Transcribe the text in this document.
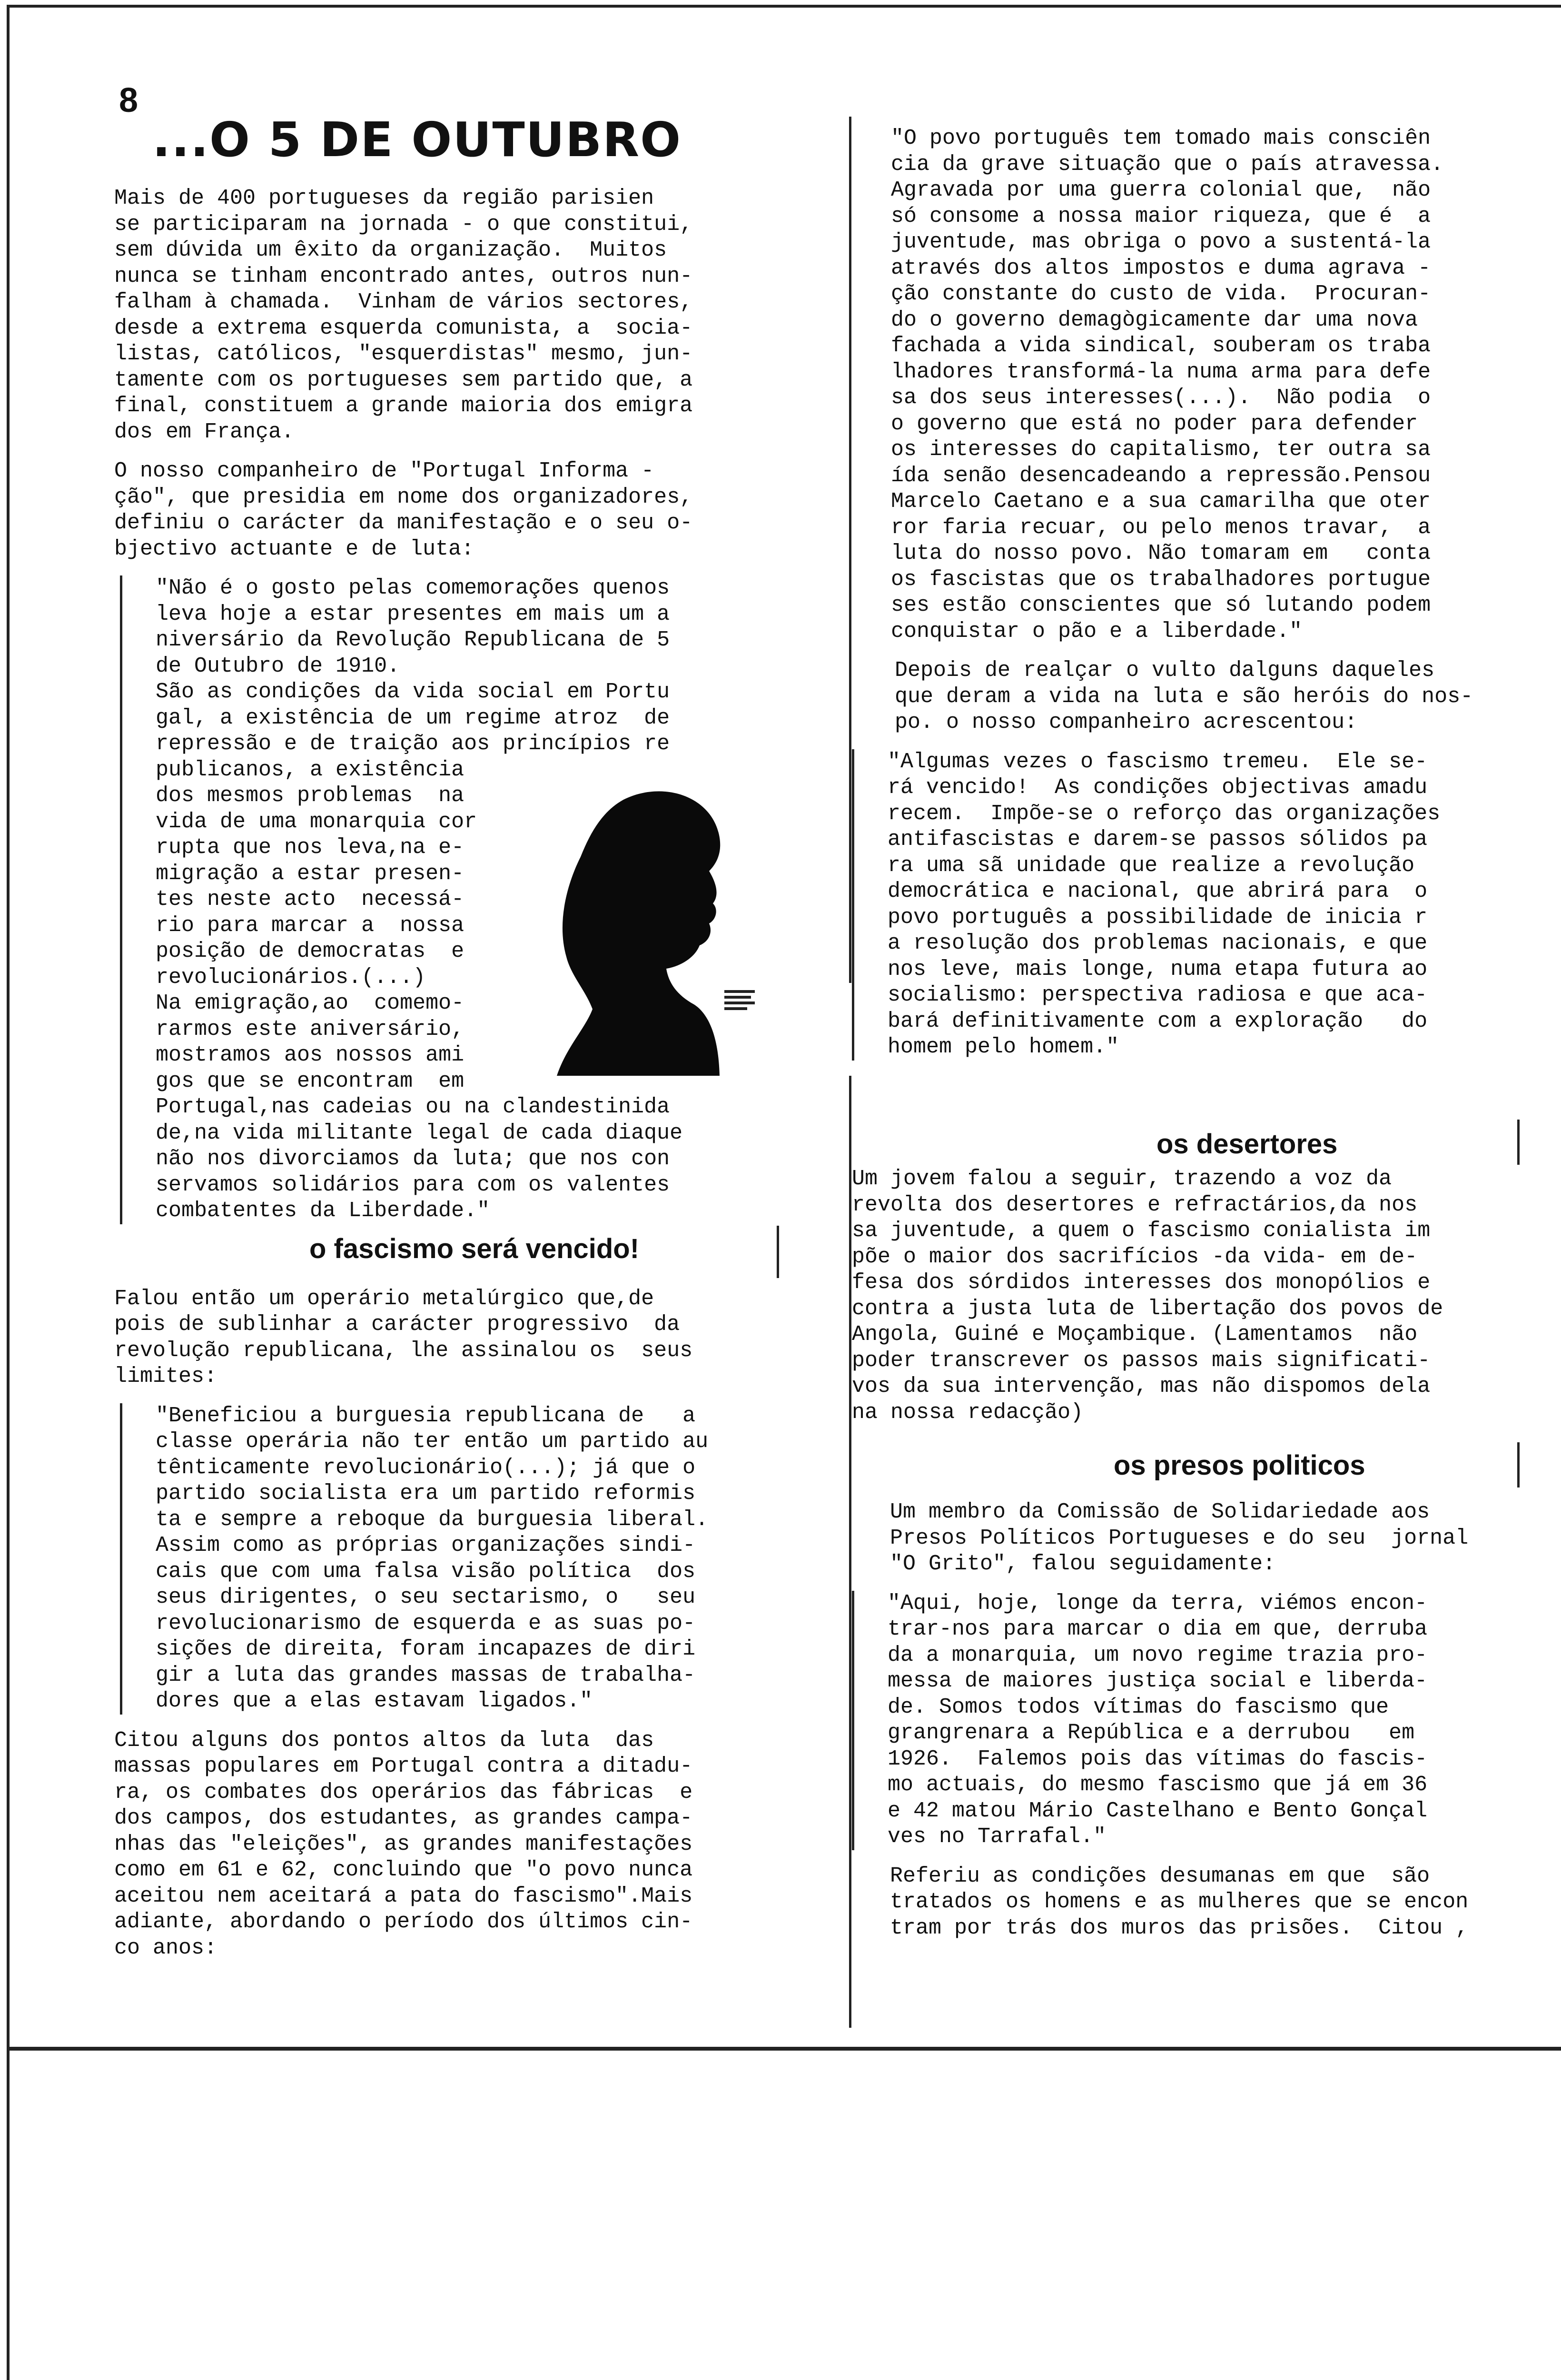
8
...O 5 DE OUTUBRO

Mais de 400 portugueses da região parisien

se participaram na jornada - o que constitui,

sem dúvida um êxito da organização.  Muitos

nunca se tinham encontrado antes, outros nun-

falham à chamada.  Vinham de vários sectores,

desde a extrema esquerda comunista, a  socia-

listas, católicos, "esquerdistas" mesmo, jun-

tamente com os portugueses sem partido que, a

final, constituem a grande maioria dos emigra

dos em França.

O nosso companheiro de "Portugal Informa -

ção", que presidia em nome dos organizadores,

definiu o carácter da manifestação e o seu o-

bjectivo actuante e de luta:

"Não é o gosto pelas comemorações quenos

leva hoje a estar presentes em mais um a

niversário da Revolução Republicana de 5

de Outubro de 1910.

São as condições da vida social em Portu

gal, a existência de um regime atroz  de

repressão e de traição aos princípios re

publicanos, a existência

dos mesmos problemas  na

vida de uma monarquia cor

rupta que nos leva,na e-

migração a estar presen-

tes neste acto  necessá-

rio para marcar a  nossa

posição de democratas  e

revolucionários.(...)

Na emigração,ao  comemo-

rarmos este aniversário,

mostramos aos nossos ami

gos que se encontram  em

Portugal,nas cadeias ou na clandestinida

de,na vida militante legal de cada diaque

não nos divorciamos da luta; que nos con

servamos solidários para com os valentes

combatentes da Liberdade."

Falou então um operário metalúrgico que,de

pois de sublinhar a carácter progressivo  da

revolução republicana, lhe assinalou os  seus

limites:

"Beneficiou a burguesia republicana de   a

classe operária não ter então um partido au

tênticamente revolucionário(...); já que o

partido socialista era um partido reformis

ta e sempre a reboque da burguesia liberal.

Assim como as próprias organizações sindi-

cais que com uma falsa visão política  dos

seus dirigentes, o seu sectarismo, o   seu

revolucionarismo de esquerda e as suas po-

sições de direita, foram incapazes de diri

gir a luta das grandes massas de trabalha-

dores que a elas estavam ligados."

Citou alguns dos pontos altos da luta  das

massas populares em Portugal contra a ditadu-

ra, os combates dos operários das fábricas  e

dos campos, dos estudantes, as grandes campa-

nhas das "eleições", as grandes manifestações

como em 61 e 62, concluindo que "o povo nunca

aceitou nem aceitará a pata do fascismo".Mais

adiante, abordando o período dos últimos cin-

co anos:

o fascismo será vencido!

"O povo português tem tomado mais consciên

cia da grave situação que o país atravessa.

Agravada por uma guerra colonial que,  não

só consome a nossa maior riqueza, que é  a

juventude, mas obriga o povo a sustentá-la

através dos altos impostos e duma agrava -

ção constante do custo de vida.  Procuran-

do o governo demagògicamente dar uma nova

fachada a vida sindical, souberam os traba

lhadores transformá-la numa arma para defe

sa dos seus interesses(...).  Não podia  o

o governo que está no poder para defender

os interesses do capitalismo, ter outra sa

ída senão desencadeando a repressão.Pensou

Marcelo Caetano e a sua camarilha que oter

ror faria recuar, ou pelo menos travar,  a

luta do nosso povo. Não tomaram em   conta

os fascistas que os trabalhadores portugue

ses estão conscientes que só lutando podem

conquistar o pão e a liberdade."

Depois de realçar o vulto dalguns daqueles

que deram a vida na luta e são heróis do nos-

po. o nosso companheiro acrescentou:

"Algumas vezes o fascismo tremeu.  Ele se-

rá vencido!  As condições objectivas amadu

recem.  Impõe-se o reforço das organizações

antifascistas e darem-se passos sólidos pa

ra uma sã unidade que realize a revolução

democrática e nacional, que abrirá para  o

povo português a possibilidade de inicia r

a resolução dos problemas nacionais, e que

nos leve, mais longe, numa etapa futura ao

socialismo: perspectiva radiosa e que aca-

bará definitivamente com a exploração   do

homem pelo homem."

os desertores

Um jovem falou a seguir, trazendo a voz da

revolta dos desertores e refractários,da nos

sa juventude, a quem o fascismo conialista im

põe o maior dos sacrifícios -da vida- em de-

fesa dos sórdidos interesses dos monopólios e

contra a justa luta de libertação dos povos de

Angola, Guiné e Moçambique. (Lamentamos  não

poder transcrever os passos mais significati-

vos da sua intervenção, mas não dispomos dela

na nossa redacção)

os presos politicos

Um membro da Comissão de Solidariedade aos

Presos Políticos Portugueses e do seu  jornal

"O Grito", falou seguidamente:

"Aqui, hoje, longe da terra, viémos encon-

trar-nos para marcar o dia em que, derruba

da a monarquia, um novo regime trazia pro-

messa de maiores justiça social e liberda-

de. Somos todos vítimas do fascismo que

grangrenara a República e a derrubou   em

1926.  Falemos pois das vítimas do fascis-

mo actuais, do mesmo fascismo que já em 36

e 42 matou Mário Castelhano e Bento Gonçal

ves no Tarrafal."

Referiu as condições desumanas em que  são

tratados os homens e as mulheres que se encon

tram por trás dos muros das prisões.  Citou ,
